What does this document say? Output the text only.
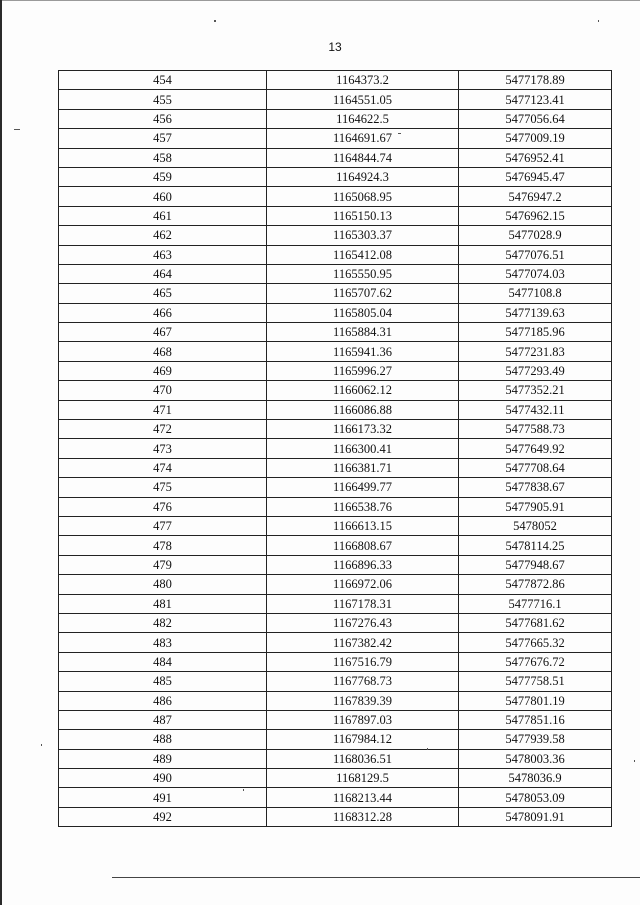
13
454	1164373.2	5477178.89
455	1164551.05	5477123.41
456	1164622.5	5477056.64
457	1164691.67	5477009.19
458	1164844.74	5476952.41
459	1164924.3	5476945.47
460	1165068.95	5476947.2
461	1165150.13	5476962.15
462	1165303.37	5477028.9
463	1165412.08	5477076.51
464	1165550.95	5477074.03
465	1165707.62	5477108.8
466	1165805.04	5477139.63
467	1165884.31	5477185.96
468	1165941.36	5477231.83
469	1165996.27	5477293.49
470	1166062.12	5477352.21
471	1166086.88	5477432.11
472	1166173.32	5477588.73
473	1166300.41	5477649.92
474	1166381.71	5477708.64
475	1166499.77	5477838.67
476	1166538.76	5477905.91
477	1166613.15	5478052
478	1166808.67	5478114.25
479	1166896.33	5477948.67
480	1166972.06	5477872.86
481	1167178.31	5477716.1
482	1167276.43	5477681.62
483	1167382.42	5477665.32
484	1167516.79	5477676.72
485	1167768.73	5477758.51
486	1167839.39	5477801.19
487	1167897.03	5477851.16
488	1167984.12	5477939.58
489	1168036.51	5478003.36
490	1168129.5	5478036.9
491	1168213.44	5478053.09
492	1168312.28	5478091.91
